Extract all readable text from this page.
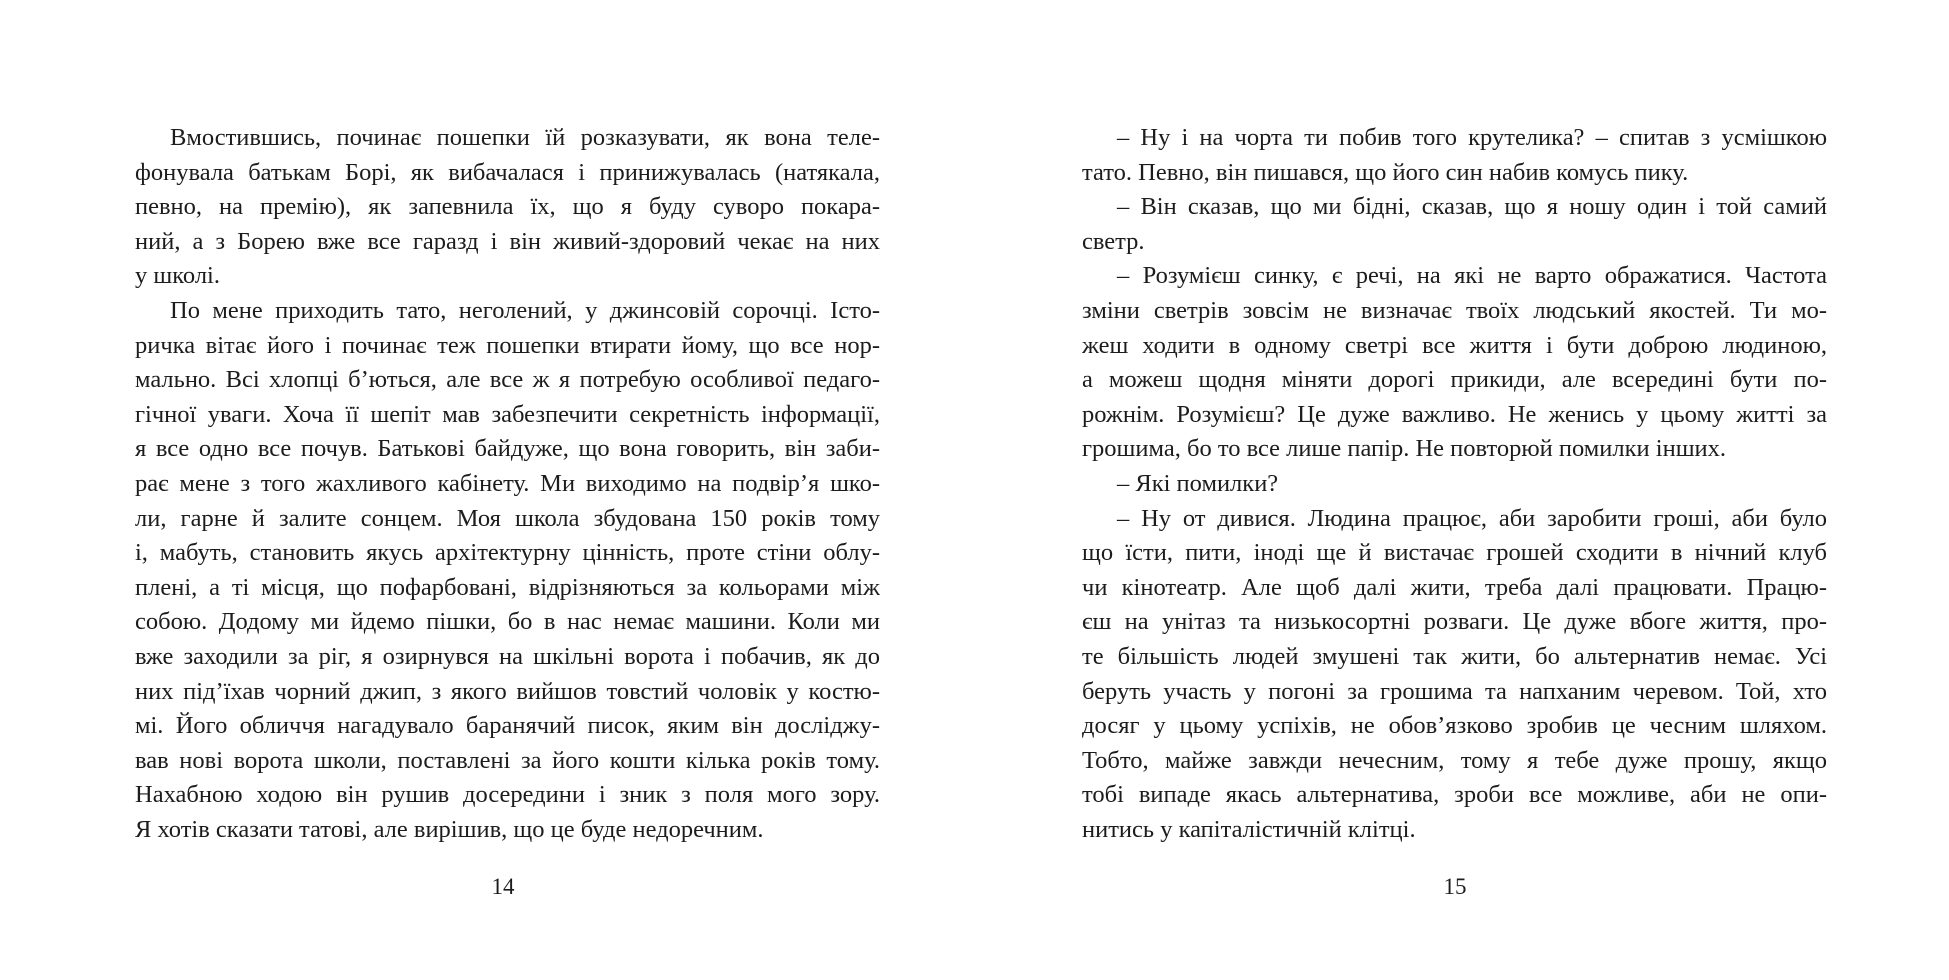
Вмостившись, починає пошепки їй розказувати, як вона теле-
фонувала батькам Борі, як вибачалася і принижувалась (натякала,
певно, на премію), як запевнила їх, що я буду суворо покара-
ний, а з Борею вже все гаразд і він живий-здоровий чекає на них
у школі.
По мене приходить тато, неголений, у джинсовій сорочці. Істо-
ричка вітає його і починає теж пошепки втирати йому, що все нор-
мально. Всі хлопці б’ються, але все ж я потребую особливої педаго-
гічної уваги. Хоча її шепіт мав забезпечити секретність інформації,
я все одно все почув. Батькові байдуже, що вона говорить, він заби-
рає мене з того жахливого кабінету. Ми виходимо на подвір’я шко-
ли, гарне й залите сонцем. Моя школа збудована 150 років тому
і, мабуть, становить якусь архітектурну цінність, проте стіни облу-
плені, а ті місця, що пофарбовані, відрізняються за кольорами між
собою. Додому ми йдемо пішки, бо в нас немає машини. Коли ми
вже заходили за ріг, я озирнувся на шкільні ворота і побачив, як до
них під’їхав чорний джип, з якого вийшов товстий чоловік у костю-
мі. Його обличчя нагадувало баранячий писок, яким він дослiджу-
вав нові ворота школи, поставлені за його кошти кілька років тому.
Нахабною ходою він рушив досередини і зник з поля мого зору.
Я хотів сказати татові, але вирішив, що це буде недоречним.
14
– Ну і на чорта ти побив того крутелика? – спитав з усмішкою
тато. Певно, він пишався, що його син набив комусь пику.
– Він сказав, що ми бідні, сказав, що я ношу один і той самий
светр.
– Розумієш синку, є речі, на які не варто ображатися. Частота
зміни светрів зовсім не визначає твоїх людський якостей. Ти мо-
жеш ходити в одному светрі все життя і бути доброю людиною,
а можеш щодня міняти дорогі прикиди, але всередині бути по-
рожнім. Розумієш? Це дуже важливо. Не женись у цьому житті за
грошима, бо то все лише папір. Не повторюй помилки інших.
– Які помилки?
– Ну от дивися. Людина працює, аби заробити гроші, аби було
що їсти, пити, іноді ще й вистачає грошей сходити в нічний клуб
чи кінотеатр. Але щоб далі жити, треба далі працювати. Працю-
єш на унітаз та низькосортні розваги. Це дуже вбоге життя, про-
те більшість людей змушені так жити, бо альтернатив немає. Усі
беруть участь у погоні за грошима та напханим черевом. Той, хто
досяг у цьому успіхів, не обов’язково зробив це чесним шляхом.
Тобто, майже завжди нечесним, тому я тебе дуже прошу, якщо
тобі випаде якась альтернатива, зроби все можливе, аби не опи-
нитись у капіталістичній клітці.
15
